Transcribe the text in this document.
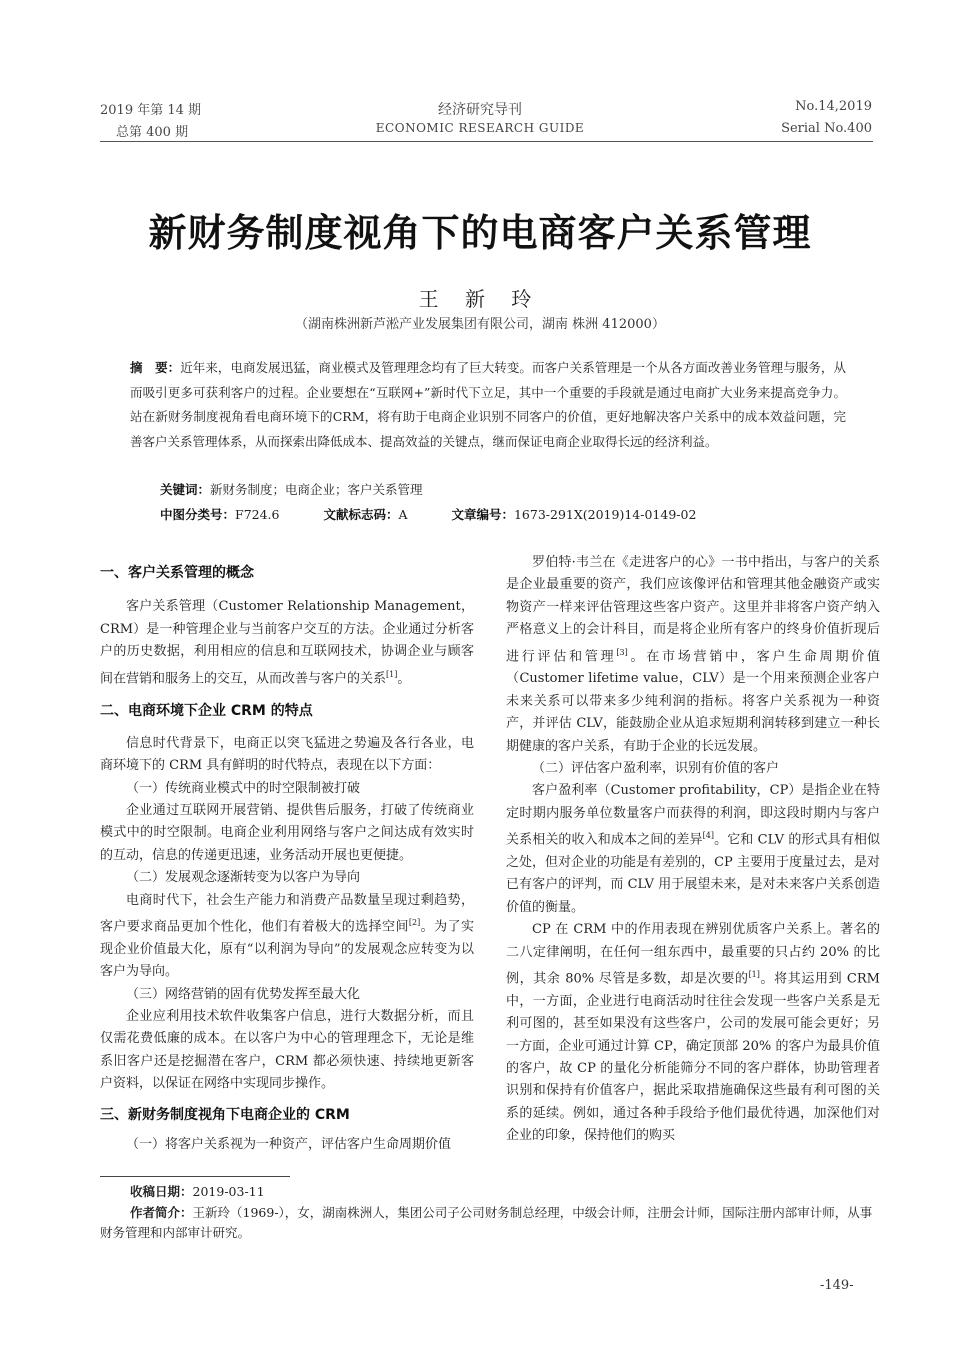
2019 年第 14 期
总第 400 期
经济研究导刊
ECONOMIC RESEARCH GUIDE
No.14,2019
Serial No.400
新财务制度视角下的电商客户关系管理
王 新 玲
（湖南株洲新芦淞产业发展集团有限公司，湖南 株洲 412000）
摘　要：近年来，电商发展迅猛，商业模式及管理理念均有了巨大转变。而客户关系管理是一个从各方面改善业务管理与服务，从而吸引更多可获利客户的过程。企业要想在“互联网+”新时代下立足，其中一个重要的手段就是通过电商扩大业务来提高竞争力。站在新财务制度视角看电商环境下的CRM，将有助于电商企业识别不同客户的价值，更好地解决客户关系中的成本效益问题，完善客户关系管理体系，从而探索出降低成本、提高效益的关键点，继而保证电商企业取得长远的经济利益。
关键词：新财务制度；电商企业；客户关系管理
中图分类号：F724.6	文献标志码：A	文章编号：1673-291X(2019)14-0149-02
一、客户关系管理的概念

客户关系管理（Customer Relationship Management，CRM）是一种管理企业与当前客户交互的方法。企业通过分析客户的历史数据，利用相应的信息和互联网技术，协调企业与顾客间在营销和服务上的交互，从而改善与客户的关系[1]。

二、电商环境下企业 CRM 的特点

信息时代背景下，电商正以突飞猛进之势遍及各行各业，电商环境下的 CRM 具有鲜明的时代特点，表现在以下方面：

（一）传统商业模式中的时空限制被打破

企业通过互联网开展营销、提供售后服务，打破了传统商业模式中的时空限制。电商企业利用网络与客户之间达成有效实时的互动，信息的传递更迅速，业务活动开展也更便捷。

（二）发展观念逐渐转变为以客户为导向

电商时代下，社会生产能力和消费产品数量呈现过剩趋势，客户要求商品更加个性化，他们有着极大的选择空间[2]。为了实现企业价值最大化，原有“以利润为导向”的发展观念应转变为以客户为导向。

（三）网络营销的固有优势发挥至最大化

企业应利用技术软件收集客户信息，进行大数据分析，而且仅需花费低廉的成本。在以客户为中心的管理理念下，无论是维系旧客户还是挖掘潜在客户，CRM 都必须快速、持续地更新客户资料，以保证在网络中实现同步操作。

三、新财务制度视角下电商企业的 CRM

（一）将客户关系视为一种资产，评估客户生命周期价值

罗伯特·韦兰在《走进客户的心》一书中指出，与客户的关系是企业最重要的资产，我们应该像评估和管理其他金融资产或实物资产一样来评估管理这些客户资产。这里并非将客户资产纳入严格意义上的会计科目，而是将企业所有客户的终身价值折现后进行评估和管理[3]。在市场营销中，客户生命周期价值（Customer lifetime value，CLV）是一个用来预测企业客户未来关系可以带来多少纯利润的指标。将客户关系视为一种资产，并评估 CLV，能鼓励企业从追求短期利润转移到建立一种长期健康的客户关系，有助于企业的长远发展。

（二）评估客户盈利率，识别有价值的客户

客户盈利率（Customer profitability，CP）是指企业在特定时期内服务单位数量客户而获得的利润，即这段时期内与客户关系相关的收入和成本之间的差异[4]。它和 CLV 的形式具有相似之处，但对企业的功能是有差别的，CP 主要用于度量过去，是对已有客户的评判，而 CLV 用于展望未来，是对未来客户关系创造价值的衡量。

CP 在 CRM 中的作用表现在辨别优质客户关系上。著名的二八定律阐明，在任何一组东西中，最重要的只占约 20% 的比例，其余 80% 尽管是多数，却是次要的[1]。将其运用到 CRM 中，一方面，企业进行电商活动时往往会发现一些客户关系是无利可图的，甚至如果没有这些客户，公司的发展可能会更好；另一方面，企业可通过计算 CP，确定顶部 20% 的客户为最具价值的客户，故 CP 的量化分析能筛分不同的客户群体，协助管理者识别和保持有价值客户，据此采取措施确保这些最有利可图的关系的延续。例如，通过各种手段给予他们最优待遇，加深他们对企业的印象，保持他们的购买

收稿日期：2019-03-11

作者简介：王新玲（1969-），女，湖南株洲人，集团公司子公司财务制总经理，中级会计师，注册会计师，国际注册内部审计师，从事财务管理和内部审计研究。

-149-
